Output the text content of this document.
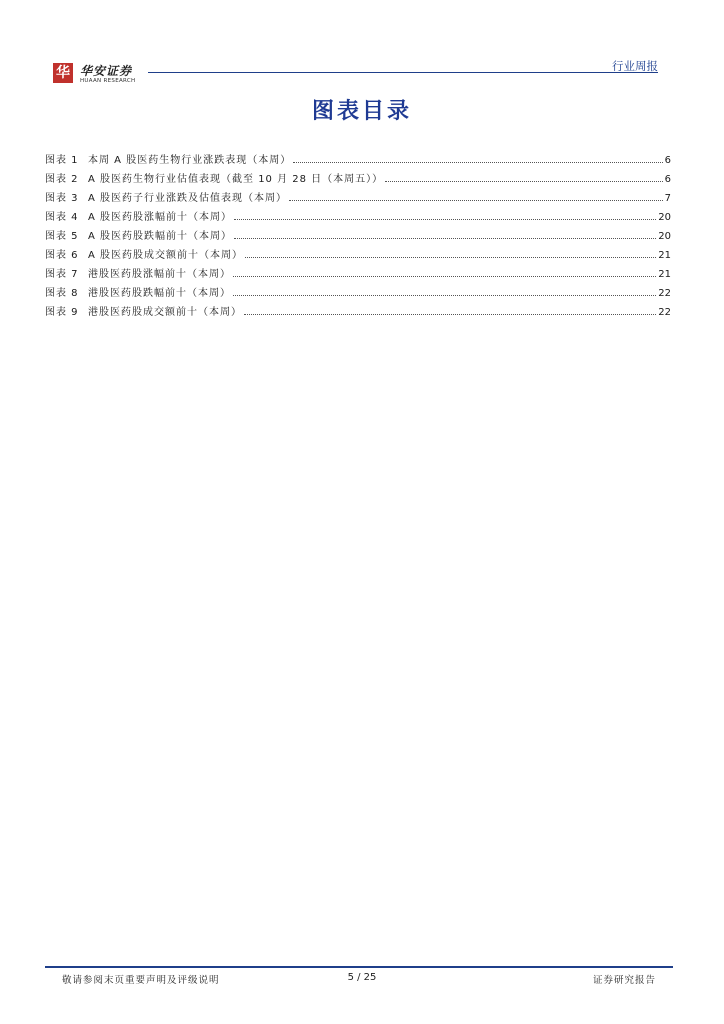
华 华安证券
HUAAN RESEARCH
行业周报
图表目录
图表 1 本周 A 股医药生物行业涨跌表现（本周）	6
图表 2 A 股医药生物行业估值表现（截至 10 月 28 日（本周五））	6
图表 3 A 股医药子行业涨跌及估值表现（本周）	7
图表 4 A 股医药股涨幅前十（本周）	20
图表 5 A 股医药股跌幅前十（本周）	20
图表 6 A 股医药股成交额前十（本周）	21
图表 7 港股医药股涨幅前十（本周）	21
图表 8 港股医药股跌幅前十（本周）	22
图表 9 港股医药股成交额前十（本周）	22
敬请参阅末页重要声明及评级说明	5 / 25	证券研究报告
